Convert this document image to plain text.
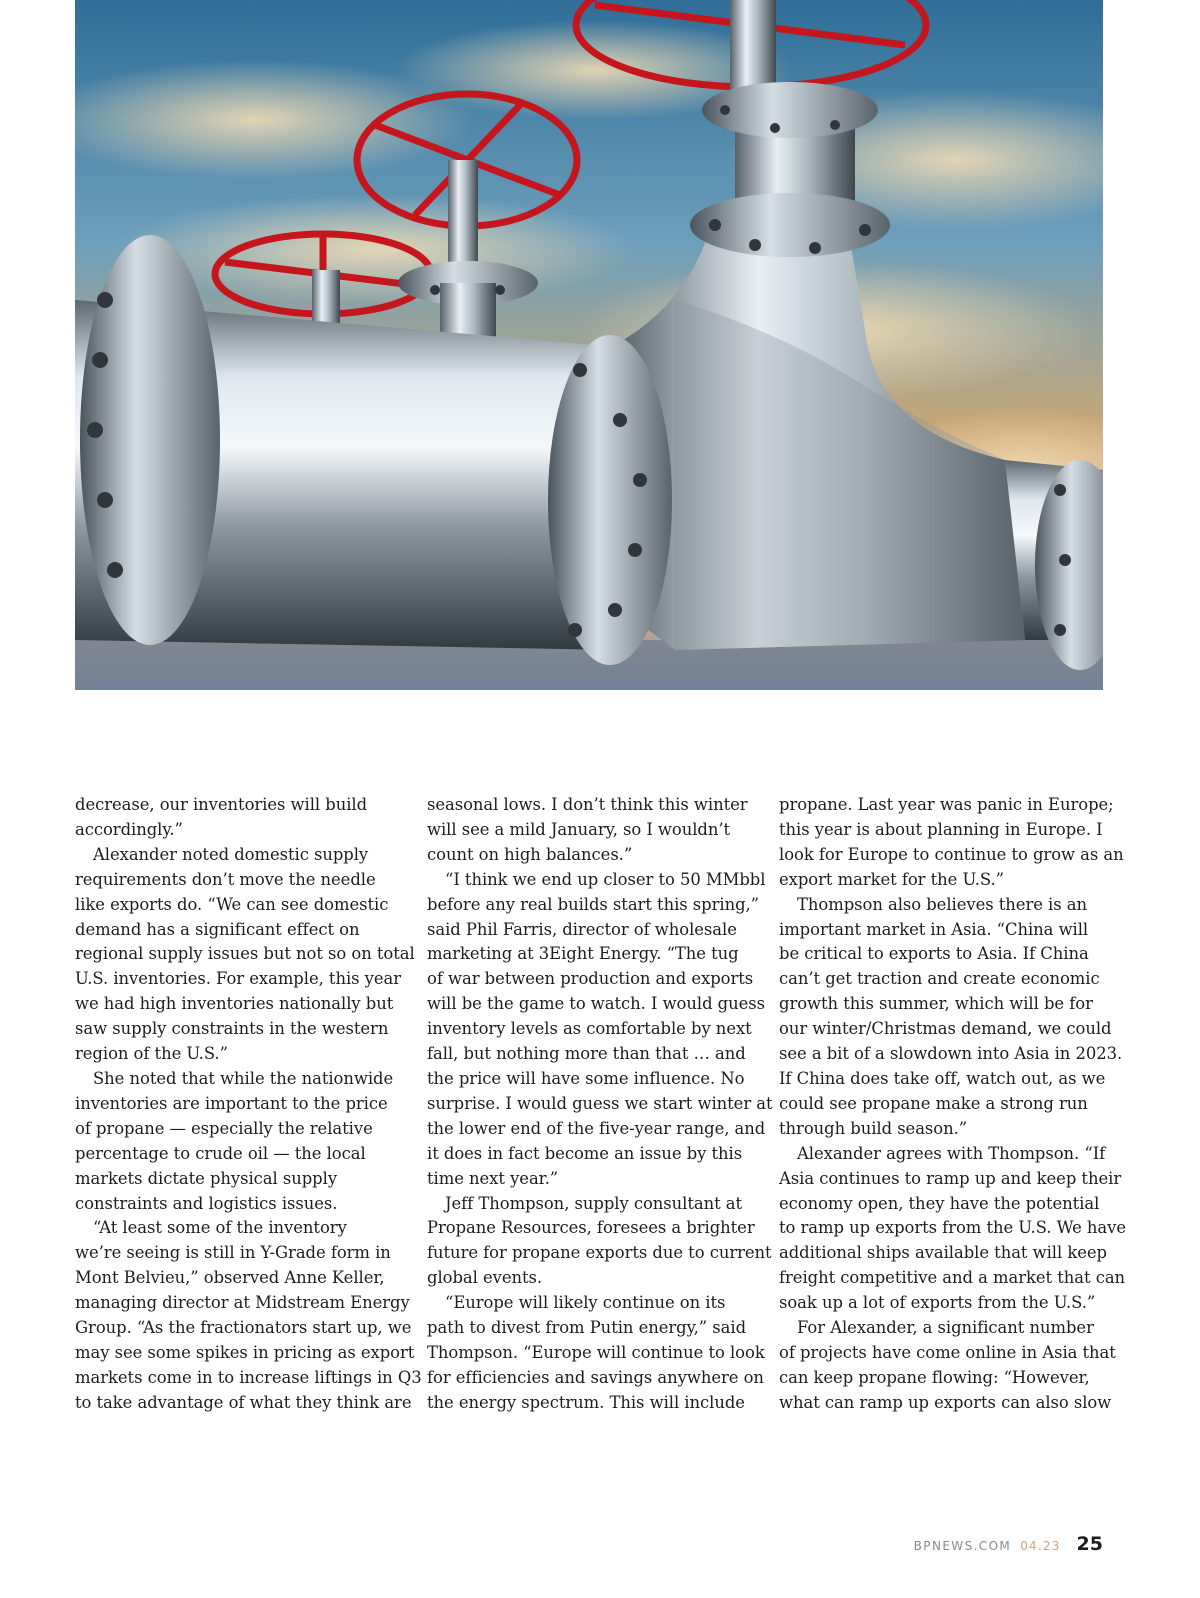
decrease, our inventories will build

accordingly.”

Alexander noted domestic supply

requirements don’t move the needle

like exports do. “We can see domestic

demand has a significant effect on

regional supply issues but not so on total

U.S. inventories. For example, this year

we had high inventories nationally but

saw supply constraints in the western

region of the U.S.”

She noted that while the nationwide

inventories are important to the price

of propane — especially the relative

percentage to crude oil — the local

markets dictate physical supply

constraints and logistics issues.

“At least some of the inventory

we’re seeing is still in Y-Grade form in

Mont Belvieu,” observed Anne Keller,

managing director at Midstream Energy

Group. “As the fractionators start up, we

may see some spikes in pricing as export

markets come in to increase liftings in Q3

to take advantage of what they think are

seasonal lows. I don’t think this winter

will see a mild January, so I wouldn’t

count on high balances.”

“I think we end up closer to 50 MMbbl

before any real builds start this spring,”

said Phil Farris, director of wholesale

marketing at 3Eight Energy. “The tug

of war between production and exports

will be the game to watch. I would guess

inventory levels as comfortable by next

fall, but nothing more than that … and

the price will have some influence. No

surprise. I would guess we start winter at

the lower end of the five-year range, and

it does in fact become an issue by this

time next year.”

Jeff Thompson, supply consultant at

Propane Resources, foresees a brighter

future for propane exports due to current

global events.

“Europe will likely continue on its

path to divest from Putin energy,” said

Thompson. “Europe will continue to look

for efficiencies and savings anywhere on

the energy spectrum. This will include

propane. Last year was panic in Europe;

this year is about planning in Europe. I

look for Europe to continue to grow as an

export market for the U.S.”

Thompson also believes there is an

important market in Asia. “China will

be critical to exports to Asia. If China

can’t get traction and create economic

growth this summer, which will be for

our winter/Christmas demand, we could

see a bit of a slowdown into Asia in 2023.

If China does take off, watch out, as we

could see propane make a strong run

through build season.”

Alexander agrees with Thompson. “If

Asia continues to ramp up and keep their

economy open, they have the potential

to ramp up exports from the U.S. We have

additional ships available that will keep

freight competitive and a market that can

soak up a lot of exports from the U.S.”

For Alexander, a significant number

of projects have come online in Asia that

can keep propane flowing: “However,

what can ramp up exports can also slow

BPNEWS.COM 04.23 25
